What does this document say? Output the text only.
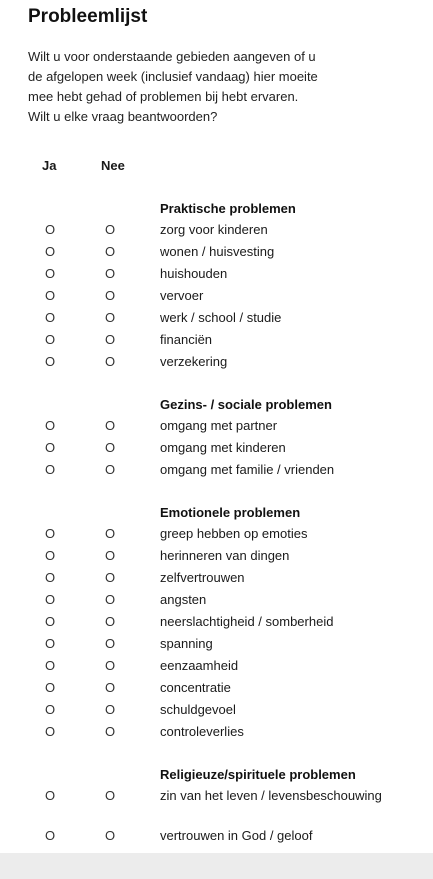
Probleemlijst
Wilt u voor onderstaande gebieden aangeven of u
de afgelopen week (inclusief vandaag) hier moeite
mee hebt gehad of problemen bij hebt ervaren.
Wilt u elke vraag beantwoorden?
Ja	Nee
Praktische problemen
O	O	zorg voor kinderen
O	O	wonen / huisvesting
O	O	huishouden
O	O	vervoer
O	O	werk / school / studie
O	O	financiën
O	O	verzekering
Gezins- / sociale problemen
O	O	omgang met partner
O	O	omgang met kinderen
O	O	omgang met familie / vrienden
Emotionele problemen
O	O	greep hebben op emoties
O	O	herinneren van dingen
O	O	zelfvertrouwen
O	O	angsten
O	O	neerslachtigheid / somberheid
O	O	spanning
O	O	eenzaamheid
O	O	concentratie
O	O	schuldgevoel
O	O	controleverlies
Religieuze/spirituele problemen
O	O	zin van het leven / levensbeschouwing
O	O	vertrouwen in God / geloof
